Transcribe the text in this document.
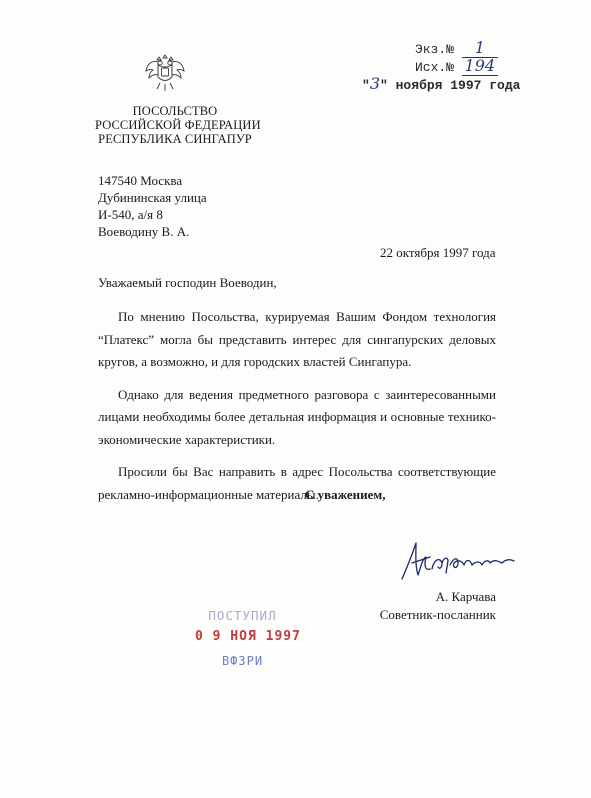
ПОСОЛЬСТВО
РОССИЙСКОЙ ФЕДЕРАЦИИ
РЕСПУБЛИКА СИНГАПУР
Экз.№ 1
Исх.№ 194
"3" ноября 1997 года
147540 Москва
Дубининская улица
И-540, а/я 8
Воеводину В. А.
22 октября 1997 года
Уважаемый господин Воеводин,

По мнению Посольства, курируемая Вашим Фондом технология “Платекс” могла бы представить интерес для сингапурских деловых кругов, а возможно, и для городских властей Сингапура.

Однако для ведения предметного разговора с заинтересованными лицами необходимы более детальная информация и основные технико-экономические характеристики.

Просили бы Вас направить в адрес Посольства соответствующие рекламно-информационные материалы.

С уважением,
А. Карчава
Советник-посланник
ПОСТУПИЛ
0 9 НОЯ 1997
ВФЗРИ
